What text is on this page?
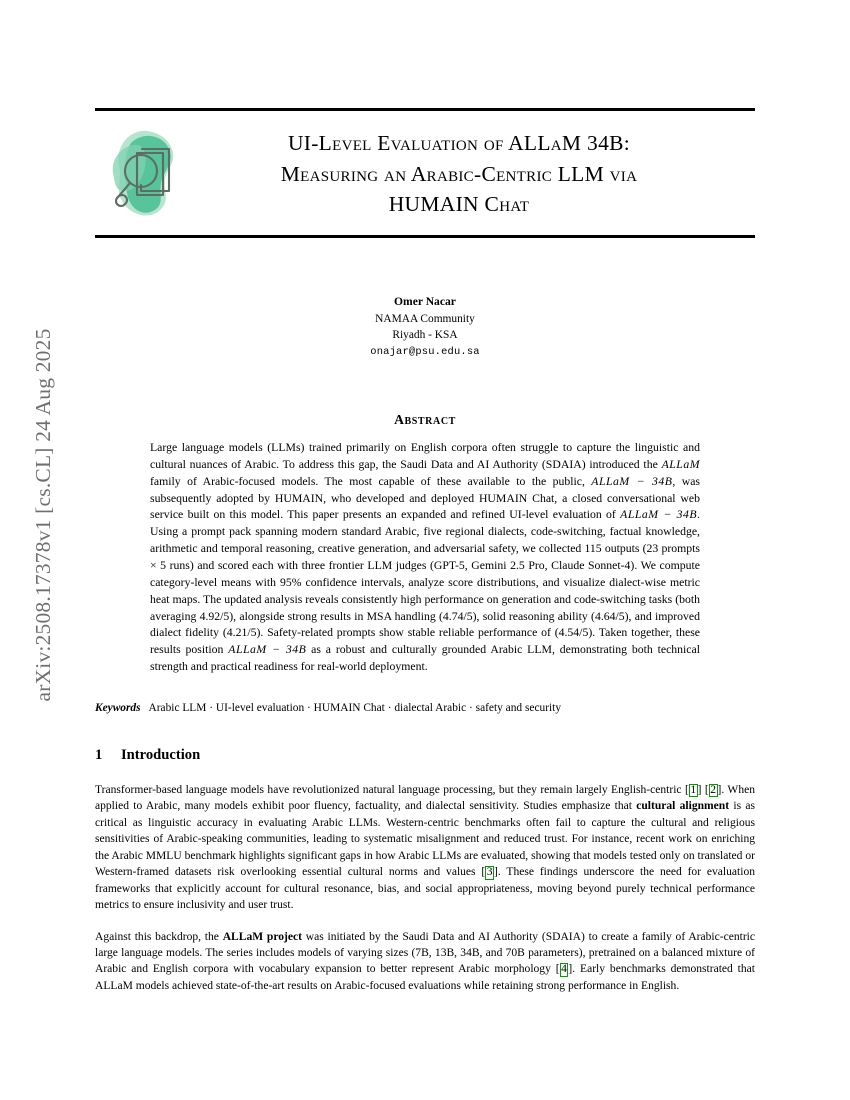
arXiv:2508.17378v1 [cs.CL] 24 Aug 2025
UI-Level Evaluation of ALLaM 34B:
Measuring an Arabic-Centric LLM via
HUMAIN Chat
Omer Nacar
NAMAA Community
Riyadh - KSA
onajar@psu.edu.sa
Abstract
Large language models (LLMs) trained primarily on English corpora often struggle to capture the linguistic and cultural nuances of Arabic. To address this gap, the Saudi Data and AI Authority (SDAIA) introduced the ALLaM family of Arabic-focused models. The most capable of these available to the public, ALLaM − 34B, was subsequently adopted by HUMAIN, who developed and deployed HUMAIN Chat, a closed conversational web service built on this model. This paper presents an expanded and refined UI-level evaluation of ALLaM − 34B. Using a prompt pack spanning modern standard Arabic, five regional dialects, code-switching, factual knowledge, arithmetic and temporal reasoning, creative generation, and adversarial safety, we collected 115 outputs (23 prompts × 5 runs) and scored each with three frontier LLM judges (GPT-5, Gemini 2.5 Pro, Claude Sonnet-4). We compute category-level means with 95% confidence intervals, analyze score distributions, and visualize dialect-wise metric heat maps. The updated analysis reveals consistently high performance on generation and code-switching tasks (both averaging 4.92/5), alongside strong results in MSA handling (4.74/5), solid reasoning ability (4.64/5), and improved dialect fidelity (4.21/5). Safety-related prompts show stable reliable performance of (4.54/5). Taken together, these results position ALLaM − 34B as a robust and culturally grounded Arabic LLM, demonstrating both technical strength and practical readiness for real-world deployment.
Keywords Arabic LLM · UI-level evaluation · HUMAIN Chat · dialectal Arabic · safety and security
1 Introduction
Transformer-based language models have revolutionized natural language processing, but they remain largely English-centric [ 1 ] [ 2 ]. When applied to Arabic, many models exhibit poor fluency, factuality, and dialectal sensitivity. Studies emphasize that cultural alignment is as critical as linguistic accuracy in evaluating Arabic LLMs. Western-centric benchmarks often fail to capture the cultural and religious sensitivities of Arabic-speaking communities, leading to systematic misalignment and reduced trust. For instance, recent work on enriching the Arabic MMLU benchmark highlights significant gaps in how Arabic LLMs are evaluated, showing that models tested only on translated or Western-framed datasets risk overlooking essential cultural norms and values [ 3 ]. These findings underscore the need for evaluation frameworks that explicitly account for cultural resonance, bias, and social appropriateness, moving beyond purely technical performance metrics to ensure inclusivity and user trust.
Against this backdrop, the ALLaM project was initiated by the Saudi Data and AI Authority (SDAIA) to create a family of Arabic-centric large language models. The series includes models of varying sizes (7B, 13B, 34B, and 70B parameters), pretrained on a balanced mixture of Arabic and English corpora with vocabulary expansion to better represent Arabic morphology [ 4 ]. Early benchmarks demonstrated that ALLaM models achieved state-of-the-art results on Arabic-focused evaluations while retaining strong performance in English.
